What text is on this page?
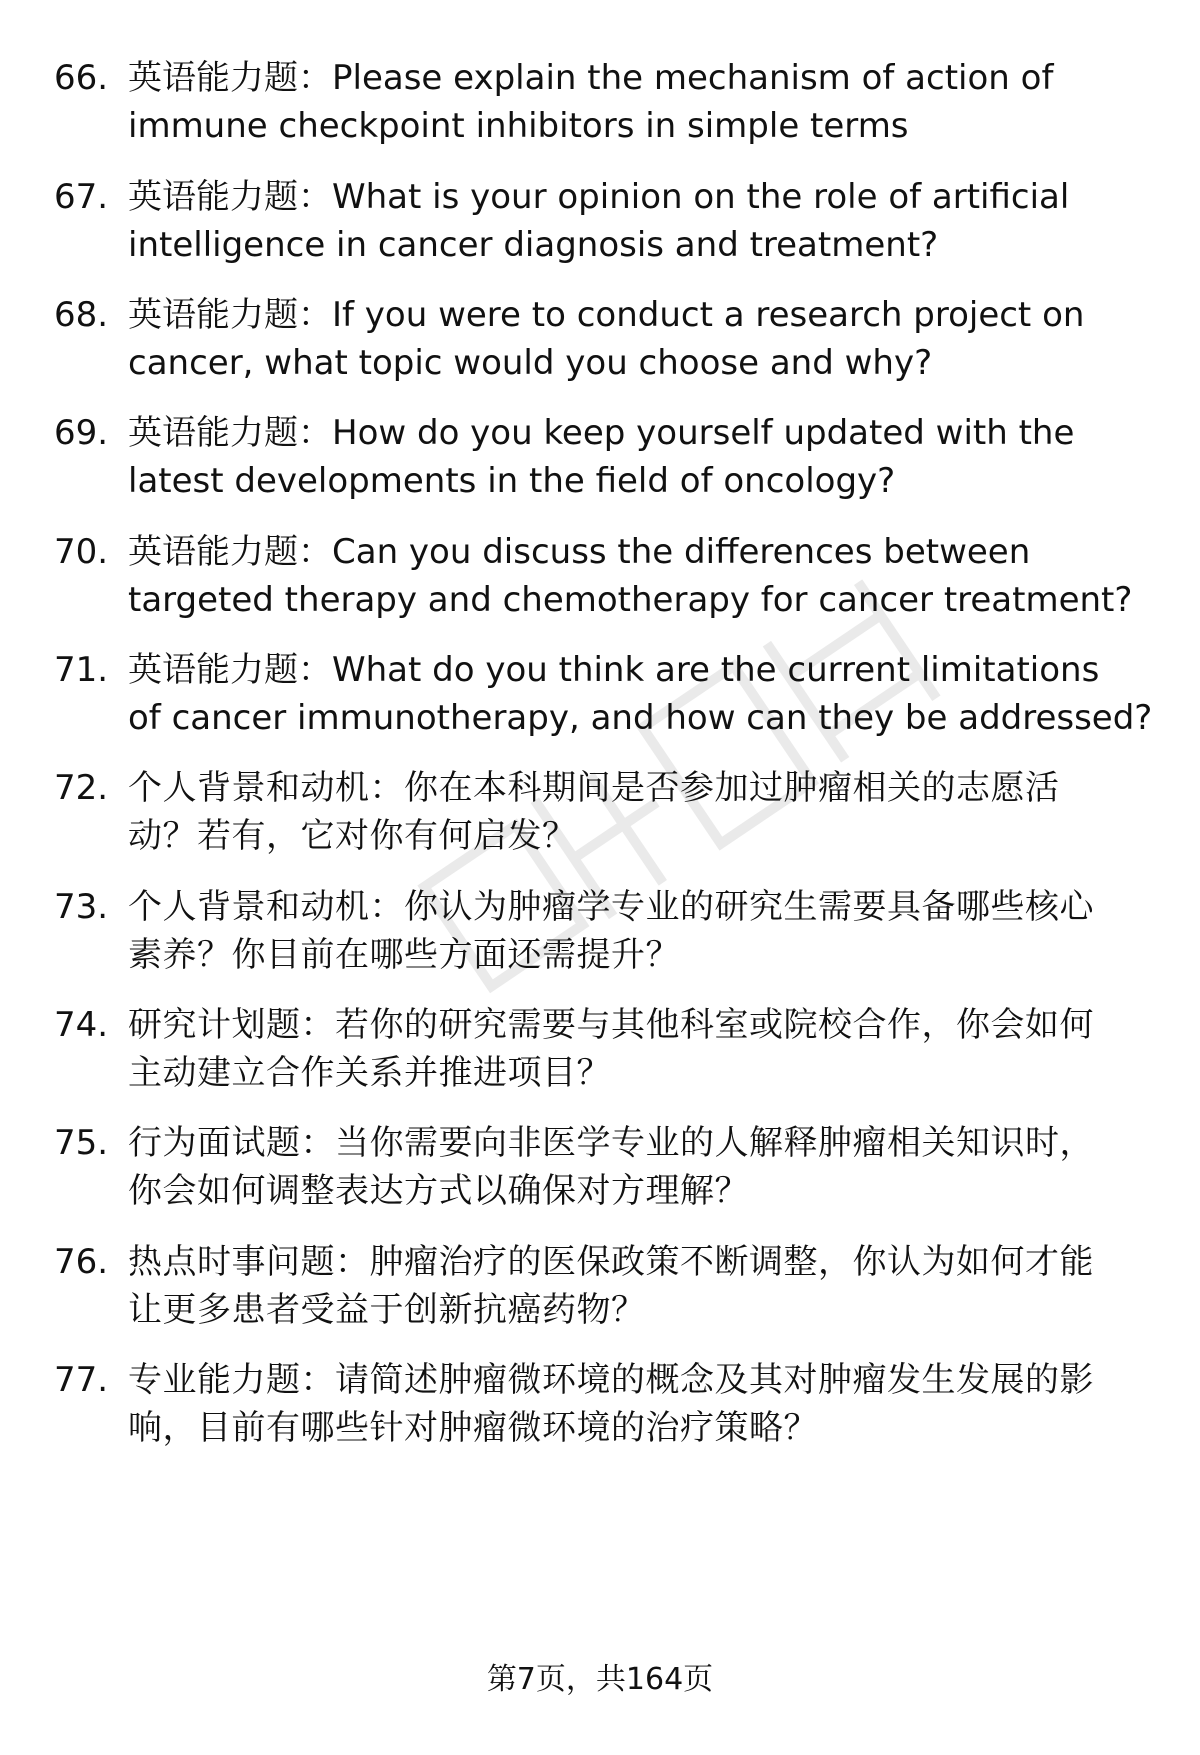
66. 英语能力题：Please explain the mechanism of action of
immune checkpoint inhibitors in simple terms
67. 英语能力题：What is your opinion on the role of artificial
intelligence in cancer diagnosis and treatment?
68. 英语能力题：If you were to conduct a research project on
cancer, what topic would you choose and why?
69. 英语能力题：How do you keep yourself updated with the
latest developments in the field of oncology?
70. 英语能力题：Can you discuss the differences between
targeted therapy and chemotherapy for cancer treatment?
71. 英语能力题：What do you think are the current limitations
of cancer immunotherapy, and how can they be addressed?
72. 个人背景和动机：你在本科期间是否参加过肿瘤相关的志愿活
动？若有，它对你有何启发？
73. 个人背景和动机：你认为肿瘤学专业的研究生需要具备哪些核心
素养？你目前在哪些方面还需提升？
74. 研究计划题：若你的研究需要与其他科室或院校合作，你会如何
主动建立合作关系并推进项目？
75. 行为面试题：当你需要向非医学专业的人解释肿瘤相关知识时，
你会如何调整表达方式以确保对方理解？
76. 热点时事问题：肿瘤治疗的医保政策不断调整，你认为如何才能
让更多患者受益于创新抗癌药物？
77. 专业能力题：请简述肿瘤微环境的概念及其对肿瘤发生发展的影
响，目前有哪些针对肿瘤微环境的治疗策略？
第7页，共164页
